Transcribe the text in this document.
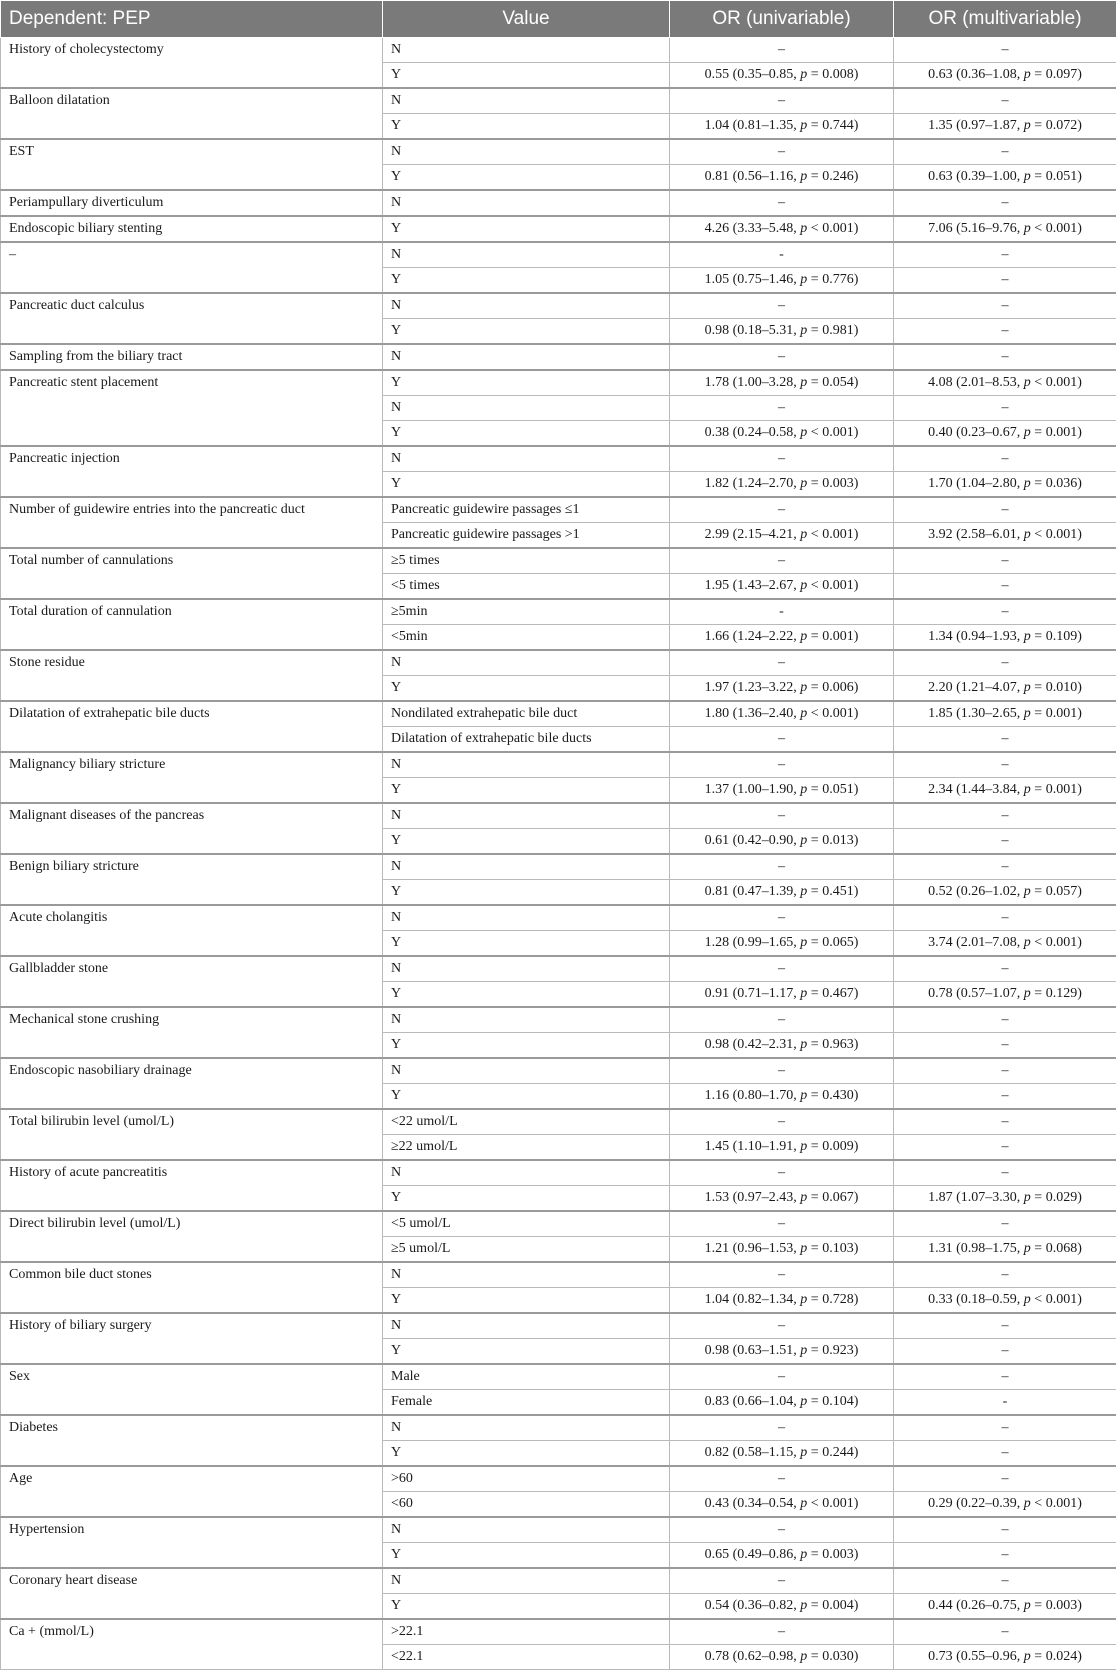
Dependent: PEP	Value	OR (univariable)	OR (multivariable)
History of cholecystectomy	N	–	–
	Y	0.55 (0.35–0.85, p = 0.008)	0.63 (0.36–1.08, p = 0.097)
Balloon dilatation	N	–	–
	Y	1.04 (0.81–1.35, p = 0.744)	1.35 (0.97–1.87, p = 0.072)
EST	N	–	–
	Y	0.81 (0.56–1.16, p = 0.246)	0.63 (0.39–1.00, p = 0.051)
Periampullary diverticulum	N	–	–
Endoscopic biliary stenting	Y	4.26 (3.33–5.48, p < 0.001)	7.06 (5.16–9.76, p < 0.001)
–	N	-	–
	Y	1.05 (0.75–1.46, p = 0.776)	–
Pancreatic duct calculus	N	–	–
	Y	0.98 (0.18–5.31, p = 0.981)	–
Sampling from the biliary tract	N	–	–
Pancreatic stent placement	Y	1.78 (1.00–3.28, p = 0.054)	4.08 (2.01–8.53, p < 0.001)
	N	–	–
	Y	0.38 (0.24–0.58, p < 0.001)	0.40 (0.23–0.67, p = 0.001)
Pancreatic injection	N	–	–
	Y	1.82 (1.24–2.70, p = 0.003)	1.70 (1.04–2.80, p = 0.036)
Number of guidewire entries into the pancreatic duct	Pancreatic guidewire passages ≤1	–	–
	Pancreatic guidewire passages >1	2.99 (2.15–4.21, p < 0.001)	3.92 (2.58–6.01, p < 0.001)
Total number of cannulations	≥5 times	–	–
	<5 times	1.95 (1.43–2.67, p < 0.001)	–
Total duration of cannulation	≥5min	-	–
	<5min	1.66 (1.24–2.22, p = 0.001)	1.34 (0.94–1.93, p = 0.109)
Stone residue	N	–	–
	Y	1.97 (1.23–3.22, p = 0.006)	2.20 (1.21–4.07, p = 0.010)
Dilatation of extrahepatic bile ducts	Nondilated extrahepatic bile duct	1.80 (1.36–2.40, p < 0.001)	1.85 (1.30–2.65, p = 0.001)
	Dilatation of extrahepatic bile ducts	–	–
Malignancy biliary stricture	N	–	–
	Y	1.37 (1.00–1.90, p = 0.051)	2.34 (1.44–3.84, p = 0.001)
Malignant diseases of the pancreas	N	–	–
	Y	0.61 (0.42–0.90, p = 0.013)	–
Benign biliary stricture	N	–	–
	Y	0.81 (0.47–1.39, p = 0.451)	0.52 (0.26–1.02, p = 0.057)
Acute cholangitis	N	–	–
	Y	1.28 (0.99–1.65, p = 0.065)	3.74 (2.01–7.08, p < 0.001)
Gallbladder stone	N	–	–
	Y	0.91 (0.71–1.17, p = 0.467)	0.78 (0.57–1.07, p = 0.129)
Mechanical stone crushing	N	–	–
	Y	0.98 (0.42–2.31, p = 0.963)	–
Endoscopic nasobiliary drainage	N	–	–
	Y	1.16 (0.80–1.70, p = 0.430)	–
Total bilirubin level (umol/L)	<22 umol/L	–	–
	≥22 umol/L	1.45 (1.10–1.91, p = 0.009)	–
History of acute pancreatitis	N	–	–
	Y	1.53 (0.97–2.43, p = 0.067)	1.87 (1.07–3.30, p = 0.029)
Direct bilirubin level (umol/L)	<5 umol/L	–	–
	≥5 umol/L	1.21 (0.96–1.53, p = 0.103)	1.31 (0.98–1.75, p = 0.068)
Common bile duct stones	N	–	–
	Y	1.04 (0.82–1.34, p = 0.728)	0.33 (0.18–0.59, p < 0.001)
History of biliary surgery	N	–	–
	Y	0.98 (0.63–1.51, p = 0.923)	–
Sex	Male	–	–
	Female	0.83 (0.66–1.04, p = 0.104)	-
Diabetes	N	–	–
	Y	0.82 (0.58–1.15, p = 0.244)	–
Age	>60	–	–
	<60	0.43 (0.34–0.54, p < 0.001)	0.29 (0.22–0.39, p < 0.001)
Hypertension	N	–	–
	Y	0.65 (0.49–0.86, p = 0.003)	–
Coronary heart disease	N	–	–
	Y	0.54 (0.36–0.82, p = 0.004)	0.44 (0.26–0.75, p = 0.003)
Ca + (mmol/L)	>22.1	–	–
	<22.1	0.78 (0.62–0.98, p = 0.030)	0.73 (0.55–0.96, p = 0.024)
